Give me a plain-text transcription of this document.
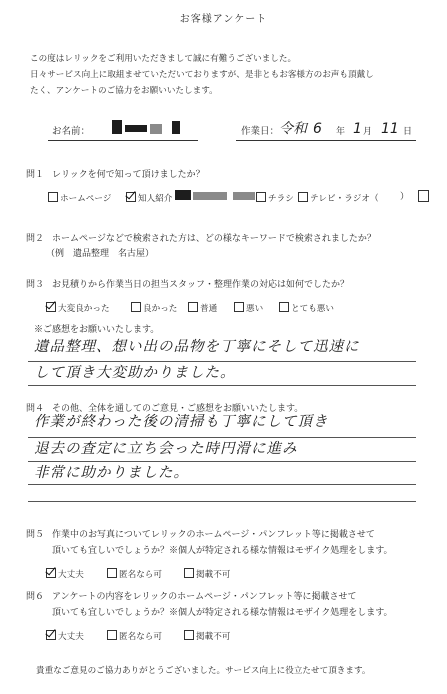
お客様アンケート
この度はレリックをご利用いただきまして誠に有難うございました。
日々サービス向上に取組ませていただいておりますが、是非ともお客様方のお声も頂戴し
たく、アンケートのご協力をお願いいたします。
お名前：	作業日： 令和 6 年 1 月 11 日
問１ レリックを何で知って頂けましたか？
ホームページ	知人紹介	チラシ	テレビ・ラジオ（ ）
問２ ホームページなどで検索された方は、どの様なキーワードで検索されましたか？
（例　遺品整理　名古屋）
問３ お見積りから作業当日の担当スタッフ・整理作業の対応は如何でしたか？
大変良かった	良かった	普通	悪い	とても悪い
※ご感想をお願いいたします。
遺品整理、想い出の品物を丁寧にそして迅速に
して頂き大変助かりました。
問４ その他、全体を通してのご意見・ご感想をお願いいたします。
作業が終わった後の清掃も丁寧にして頂き
退去の査定に立ち会った時円滑に進み
非常に助かりました。
問５ 作業中のお写真についてレリックのホームページ・パンフレット等に掲載させて
頂いても宜しいでしょうか？※個人が特定される様な情報はモザイク処理をします。
大丈夫	匿名なら可	掲載不可
問６ アンケートの内容をレリックのホームページ・パンフレット等に掲載させて
頂いても宜しいでしょうか？※個人が特定される様な情報はモザイク処理をします。
大丈夫	匿名なら可	掲載不可
貴重なご意見のご協力ありがとうございました。サービス向上に役立たせて頂きます。
